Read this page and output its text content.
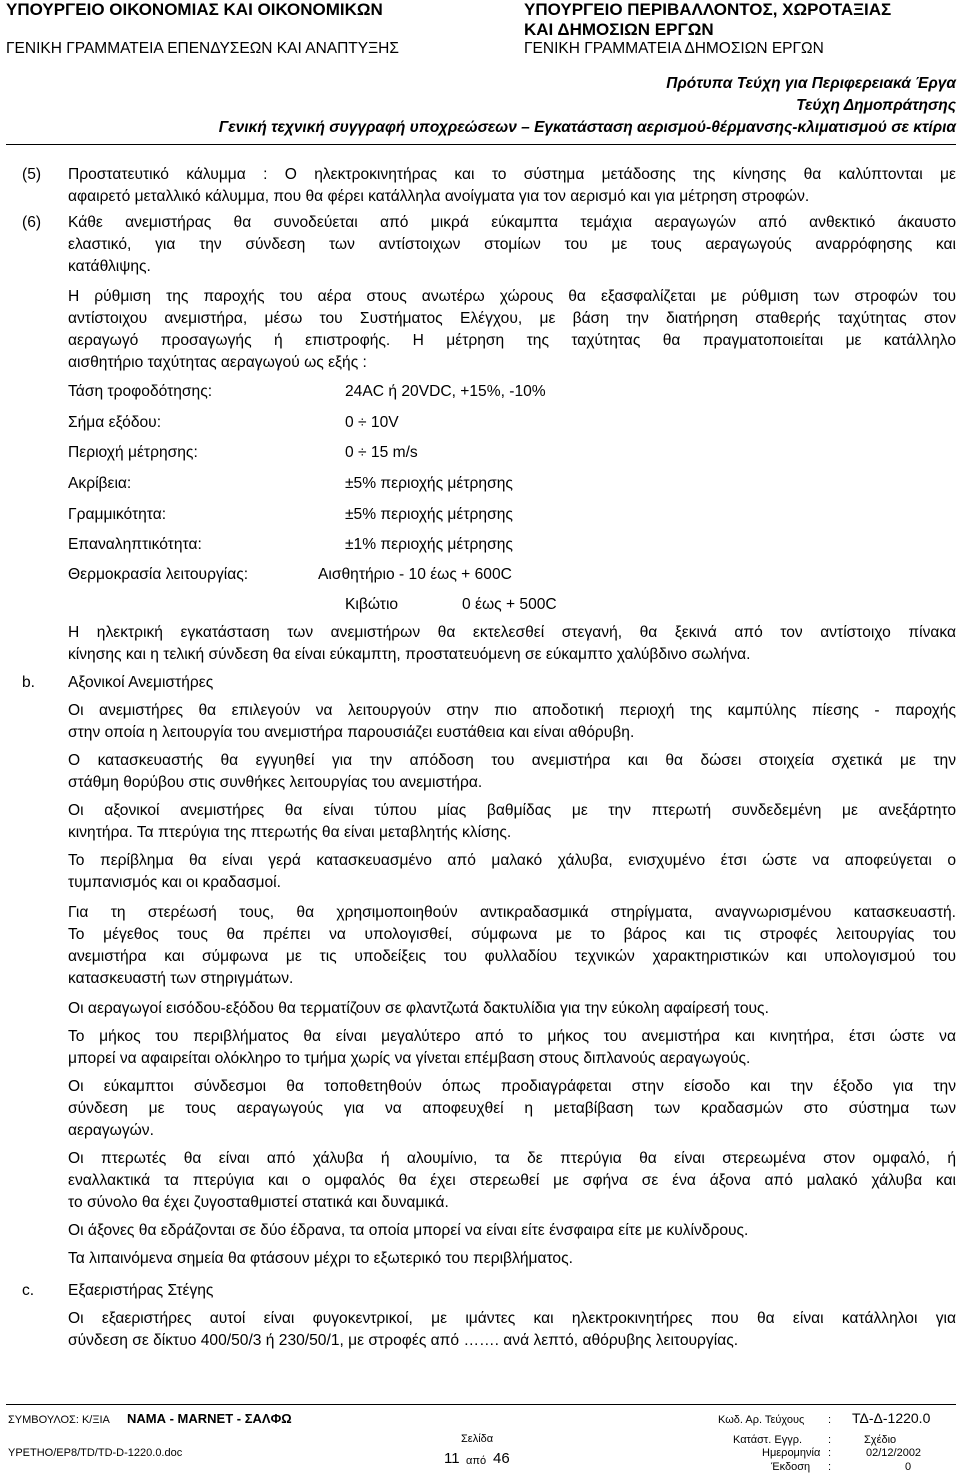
ΥΠΟΥΡΓΕΙΟ ΟΙΚΟΝΟΜΙΑΣ ΚΑΙ ΟΙΚΟΝΟΜΙΚΩΝ
ΓΕΝΙΚΗ ΓΡΑΜΜΑΤΕΙΑ ΕΠΕΝΔΥΣΕΩΝ ΚΑΙ ΑΝΑΠΤΥΞΗΣ
ΥΠΟΥΡΓΕΙΟ ΠΕΡΙΒΑΛΛΟΝΤΟΣ, ΧΩΡΟΤΑΞΙΑΣ
ΚΑΙ ΔΗΜΟΣΙΩΝ ΕΡΓΩΝ
ΓΕΝΙΚΗ ΓΡΑΜΜΑΤΕΙΑ ΔΗΜΟΣΙΩΝ ΕΡΓΩΝ
Πρότυπα Τεύχη για Περιφερειακά Έργα
Τεύχη Δημοπράτησης
Γενική τεχνική συγγραφή υποχρεώσεων – Εγκατάσταση αερισμού-θέρμανσης-κλιματισμού σε κτίρια
(5) Προστατευτικό κάλυμμα : Ο ηλεκτροκινητήρας και το σύστημα μετάδοσης της κίνησης θα καλύπτονται με
αφαιρετό μεταλλικό κάλυμμα, που θα φέρει κατάλληλα ανοίγματα για τον αερισμό και για μέτρηση στροφών.
(6) Κάθε ανεμιστήρας θα συνοδεύεται από μικρά εύκαμπτα τεμάχια αεραγωγών από ανθεκτικό άκαυστο
ελαστικό, για την σύνδεση των αντίστοιχων στομίων του με τους αεραγωγούς αναρρόφησης και
κατάθλιψης.
Η ρύθμιση της παροχής του αέρα στους ανωτέρω χώρους θα εξασφαλίζεται με ρύθμιση των στροφών του
αντίστοιχου ανεμιστήρα, μέσω του Συστήματος Ελέγχου, με βάση την διατήρηση σταθερής ταχύτητας στον
αεραγωγό προσαγωγής ή επιστροφής. Η μέτρηση της ταχύτητας θα πραγματοποιείται με κατάλληλο
αισθητήριο ταχύτητας αεραγωγού ως εξής :
Τάση τροφοδότησης:	24AC ή 20VDC, +15%, -10%
Σήμα εξόδου:	0 ÷ 10V
Περιοχή μέτρησης:	0 ÷ 15 m/s
Ακρίβεια:	±5% περιοχής μέτρησης
Γραμμικότητα:	±5% περιοχής μέτρησης
Επαναληπτικότητα:	±1% περιοχής μέτρησης
Θερμοκρασία λειτουργίας:	Αισθητήριο - 10 έως + 600C
Κιβώτιο	0 έως + 500C
Η ηλεκτρική εγκατάσταση των ανεμιστήρων θα εκτελεσθεί στεγανή, θα ξεκινά από τον αντίστοιχο πίνακα
κίνησης και η τελική σύνδεση θα είναι εύκαμπτη, προστατευόμενη σε εύκαμπτο χαλύβδινο σωλήνα.
b. Αξονικοί Ανεμιστήρες
Οι ανεμιστήρες θα επιλεγούν να λειτουργούν στην πιο αποδοτική περιοχή της καμπύλης πίεσης - παροχής
στην οποία η λειτουργία του ανεμιστήρα παρουσιάζει ευστάθεια και είναι αθόρυβη.
Ο κατασκευαστής θα εγγυηθεί για την απόδοση του ανεμιστήρα και θα δώσει στοιχεία σχετικά με την
στάθμη θορύβου στις συνθήκες λειτουργίας του ανεμιστήρα.
Οι αξονικοί ανεμιστήρες θα είναι τύπου μίας βαθμίδας με την πτερωτή συνδεδεμένη με ανεξάρτητο
κινητήρα. Τα πτερύγια της πτερωτής θα είναι μεταβλητής κλίσης.
Το περίβλημα θα είναι γερά κατασκευασμένο από μαλακό χάλυβα, ενισχυμένο έτσι ώστε να αποφεύγεται ο
τυμπανισμός και οι κραδασμοί.
Για τη στερέωσή τους, θα χρησιμοποιηθούν αντικραδασμικά στηρίγματα, αναγνωρισμένου κατασκευαστή.
Το μέγεθος τους θα πρέπει να υπολογισθεί, σύμφωνα με το βάρος και τις στροφές λειτουργίας του
ανεμιστήρα και σύμφωνα με τις υποδείξεις του φυλλαδίου τεχνικών χαρακτηριστικών και υπολογισμού του
κατασκευαστή των στηριγμάτων.
Οι αεραγωγοί εισόδου-εξόδου θα τερματίζουν σε φλαντζωτά δακτυλίδια για την εύκολη αφαίρεσή τους.
Το μήκος του περιβλήματος θα είναι μεγαλύτερο από το μήκος του ανεμιστήρα και κινητήρα, έτσι ώστε να
μπορεί να αφαιρείται ολόκληρο το τμήμα χωρίς να γίνεται επέμβαση στους διπλανούς αεραγωγούς.
Οι εύκαμπτοι σύνδεσμοι θα τοποθετηθούν όπως προδιαγράφεται στην είσοδο και την έξοδο για την
σύνδεση με τους αεραγωγούς για να αποφευχθεί η μεταβίβαση των κραδασμών στο σύστημα των
αεραγωγών.
Οι πτερωτές θα είναι από χάλυβα ή αλουμίνιο, τα δε πτερύγια θα είναι στερεωμένα στον ομφαλό, ή
εναλλακτικά τα πτερύγια και ο ομφαλός θα έχει στερεωθεί με σφήνα σε ένα άξονα από μαλακό χάλυβα και
το σύνολο θα έχει ζυγοσταθμιστεί στατικά και δυναμικά.
Οι άξονες θα εδράζονται σε δύο έδρανα, τα οποία μπορεί να είναι είτε ένσφαιρα είτε με κυλίνδρους.
Τα λιπαινόμενα σημεία θα φτάσουν μέχρι το εξωτερικό του περιβλήματος.
c. Εξαεριστήρας Στέγης
Οι εξαεριστήρες αυτοί είναι φυγοκεντρικοί, με ιμάντες και ηλεκτροκινητήρες που θα είναι κατάλληλοι για
σύνδεση σε δίκτυο 400/50/3 ή 230/50/1, με στροφές από ……. ανά λεπτό, αθόρυβης λειτουργίας.
ΣΥΜΒΟΥΛΟΣ: Κ/ΞΙΑ ΝΑΜΑ - MARNET - ΣΑΛΦΩ
ΥΡΕΤΗΟ/ΕΡ8/TD/TD-D-1220.0.doc
Σελίδα
11 από 46
Κωδ. Αρ. Τεύχους : ΤΔ-Δ-1220.0
Κατάστ. Εγγρ. :	Σχέδιο
Ημερομηνία :	02/12/2002
Έκδοση :	0
